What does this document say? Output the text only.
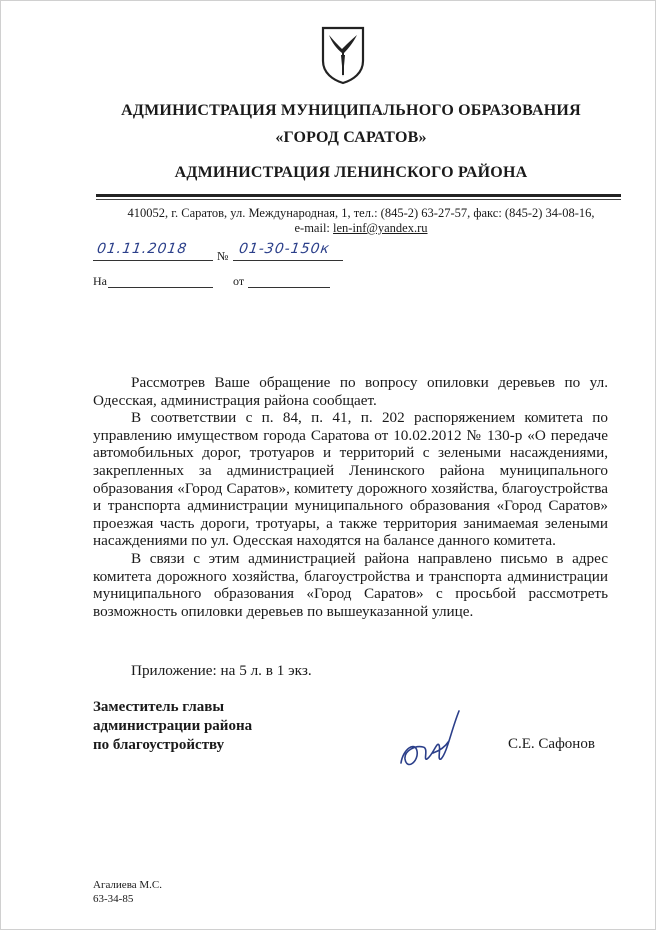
АДМИНИСТРАЦИЯ МУНИЦИПАЛЬНОГО ОБРАЗОВАНИЯ
«ГОРОД САРАТОВ»
АДМИНИСТРАЦИЯ ЛЕНИНСКОГО РАЙОНА
410052, г. Саратов, ул. Международная, 1, тел.: (845-2) 63-27-57, факс: (845-2) 34-08-16,
e-mail: len-inf@yandex.ru
01.11.2018 № 01-30-150к
На	от

Рассмотрев Ваше обращение по вопросу опиловки деревьев по ул. Одесская, администрация района сообщает.

В соответствии с п. 84, п. 41, п. 202 распоряжением комитета по управлению имуществом города Саратова от 10.02.2012 № 130-р «О передаче автомобильных дорог, тротуаров и территорий с зелеными насаждениями, закрепленных за администрацией Ленинского района муниципального образования «Город Саратов», комитету дорожного хозяйства, благоустройства и транспорта администрации муниципального образования «Город Саратов» проезжая часть дороги, тротуары, а также территория занимаемая зелеными насаждениями по ул. Одесская находятся на балансе данного комитета.

В связи с этим администрацией района направлено письмо в адрес комитета дорожного хозяйства, благоустройства и транспорта администрации муниципального образования «Город Саратов» с просьбой рассмотреть возможность опиловки деревьев по вышеуказанной улице.

Приложение: на 5 л. в 1 экз.
Заместитель главы
администрации района
по благоустройству	С.Е. Сафонов
Агалиева М.С.
63-34-85
